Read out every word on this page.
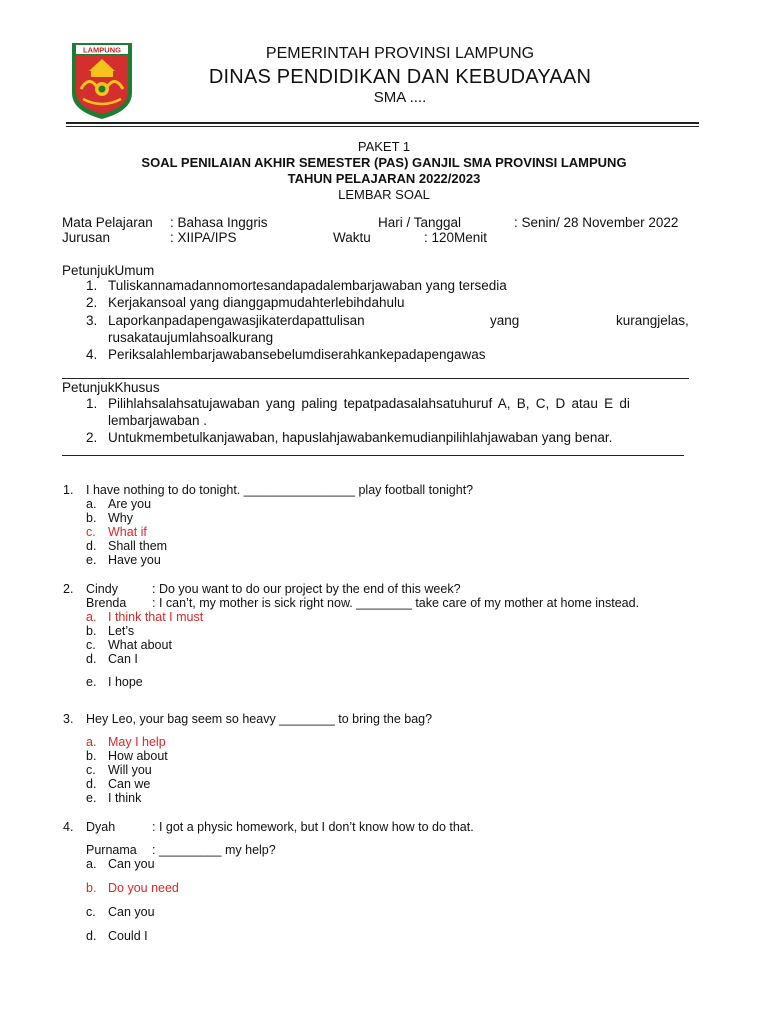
LAMPUNG	PEMERINTAH PROVINSI LAMPUNG
DINAS PENDIDIKAN DAN KEBUDAYAAN
SMA ....
PAKET 1
SOAL PENILAIAN AKHIR SEMESTER (PAS) GANJIL SMA PROVINSI LAMPUNG
TAHUN PELAJARAN 2022/2023
LEMBAR SOAL
Mata Pelajaran : Bahasa Inggris	Hari / Tanggal	: Senin/ 28 November 2022
Jurusan	: XIIPA/IPS	Waktu	: 120Menit
PetunjukUmum
1. Tuliskannamadannomortesandapadalembarjawaban yang tersedia
2. Kerjakansoal yang dianggapmudahterlebihdahulu
3. Laporkanpadapengawasjikaterdapattulisan	yang	kurangjelas,
rusakataujumlahsoalkurang
4. Periksalahlembarjawabansebelumdiserahkankepadapengawas
PetunjukKhusus
1. Pilihlahsalahsatujawaban yang paling tepatpadasalahsatuhuruf A, B, C, D atau E di
lembarjawaban .
2. Untukmembetulkanjawaban, hapuslahjawabankemudianpilihlahjawaban yang benar.
1. I have nothing to do tonight. ________________ play football tonight?
a. Are you
b. Why
c. What if
d. Shall them
e. Have you
2. Cindy	: Do you want to do our project by the end of this week?
Brenda : I can’t, my mother is sick right now. ________ take care of my mother at home instead.
a. I think that I must
b. Let’s
c. What about
d. Can I
e. I hope
3. Hey Leo, your bag seem so heavy ________ to bring the bag?
a. May I help
b. How about
c. Will you
d. Can we
e. I think
4. Dyah	: I got a physic homework, but I don’t know how to do that.
Purnama : _________ my help?
a. Can you
b. Do you need
c. Can you
d. Could I
